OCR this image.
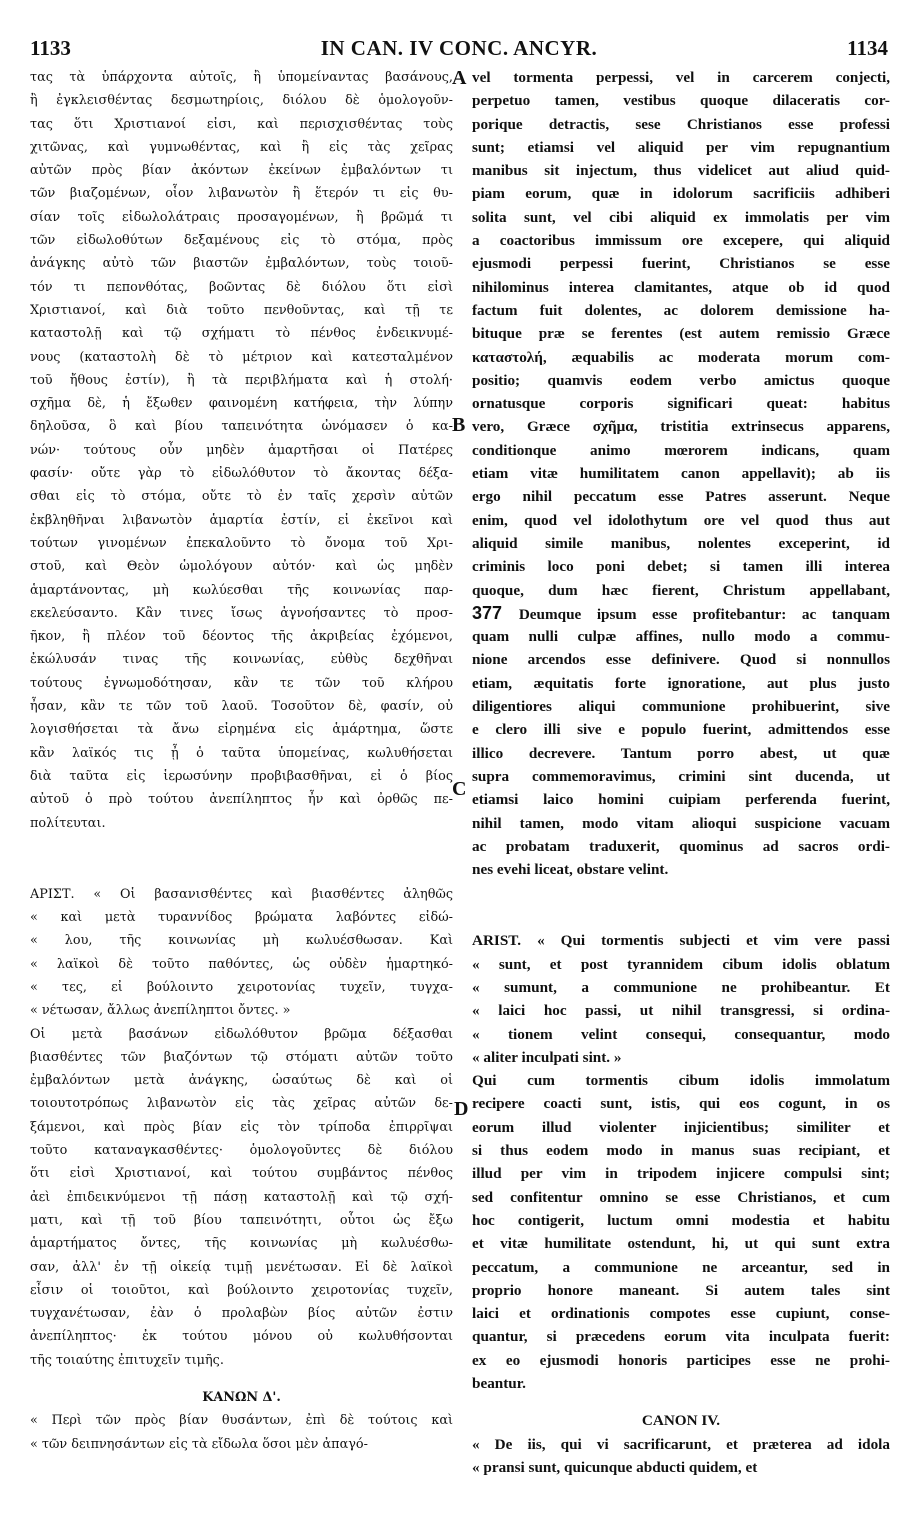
1133	IN CAN. IV CONC. ANCYR.	1134
A
B
C
D
τας τὰ ὑπάρχοντα αὐτοῖς, ἢ ὑπομείναντας βασάνους,
ἢ ἐγκλεισθέντας δεσμωτηρίοις, διόλου δὲ ὁμολογοῦν-
τας ὅτι Χριστιανοί εἰσι, καὶ περισχισθέντας τοὺς
χιτῶνας, καὶ γυμνωθέντας, καὶ ἢ εἰς τὰς χεῖρας
αὐτῶν πρὸς βίαν ἀκόντων ἐκείνων ἐμβαλόντων τι
τῶν βιαζομένων, οἷον λιβανωτὸν ἢ ἕτερόν τι εἰς θυ-
σίαν τοῖς εἰδωλολάτραις προσαγομένων, ἢ βρῶμά τι
τῶν εἰδωλοθύτων δεξαμένους εἰς τὸ στόμα, πρὸς
ἀνάγκης αὐτὸ τῶν βιαστῶν ἐμβαλόντων, τοὺς τοιοῦ-
τόν τι πεπονθότας, βοῶντας δὲ διόλου ὅτι εἰσὶ
Χριστιανοί, καὶ διὰ τοῦτο πενθοῦντας, καὶ τῇ τε
καταστολῇ καὶ τῷ σχήματι τὸ πένθος ἐνδεικνυμέ-
νους (καταστολὴ δὲ τὸ μέτριον καὶ κατεσταλμένον
τοῦ ἤθους ἐστίν), ἢ τὰ περιβλήματα καὶ ἡ στολή·
σχῆμα δὲ, ἡ ἔξωθεν φαινομένη κατήφεια, τὴν λύπην
δηλοῦσα, ὃ καὶ βίου ταπεινότητα ὠνόμασεν ὁ κα-
νών· τούτους οὖν μηδὲν ἁμαρτῆσαι οἱ Πατέρες
φασίν· οὔτε γὰρ τὸ εἰδωλόθυτον τὸ ἄκοντας δέξα-
σθαι εἰς τὸ στόμα, οὔτε τὸ ἐν ταῖς χερσὶν αὐτῶν
ἐκβληθῆναι λιβανωτὸν ἁμαρτία ἐστίν, εἰ ἐκεῖνοι καὶ
τούτων γινομένων ἐπεκαλοῦντο τὸ ὄνομα τοῦ Χρι-
στοῦ, καὶ Θεὸν ὡμολόγουν αὐτόν· καὶ ὡς μηδὲν
ἁμαρτάνοντας, μὴ κωλύεσθαι τῆς κοινωνίας παρ-
εκελεύσαντο. Κἂν τινες ἴσως ἀγνοήσαντες τὸ προσ-
ῆκον, ἢ πλέον τοῦ δέοντος τῆς ἀκριβείας ἐχόμενοι,
ἐκώλυσάν τινας τῆς κοινωνίας, εὐθὺς δεχθῆναι
τούτους ἐγνωμοδότησαν, κἂν τε τῶν τοῦ κλήρου
ἦσαν, κἂν τε τῶν τοῦ λαοῦ. Τοσοῦτον δὲ, φασίν, οὐ
λογισθήσεται τὰ ἄνω εἰρημένα εἰς ἁμάρτημα, ὥστε
κἂν λαϊκός τις ᾖ ὁ ταῦτα ὑπομείνας, κωλυθήσεται
διὰ ταῦτα εἰς ἱερωσύνην προβιβασθῆναι, εἰ ὁ βίος
αὐτοῦ ὁ πρὸ τούτου ἀνεπίληπτος ἦν καὶ ὀρθῶς πε-
πολίτευται.
ΑΡΙΣΤ. « Οἱ βασανισθέντες καὶ βιασθέντες ἀληθῶς
« καὶ μετὰ τυραννίδος βρώματα λαβόντες εἰδώ-
« λου, τῆς κοινωνίας μὴ κωλυέσθωσαν. Καὶ
« λαϊκοὶ δὲ τοῦτο παθόντες, ὡς οὐδὲν ἡμαρτηκό-
« τες, εἰ βούλοιντο χειροτονίας τυχεῖν, τυγχα-
« νέτωσαν, ἄλλως ἀνεπίληπτοι ὄντες. »
Οἱ μετὰ βασάνων εἰδωλόθυτον βρῶμα δέξασθαι
βιασθέντες τῶν βιαζόντων τῷ στόματι αὐτῶν τοῦτο
ἐμβαλόντων μετὰ ἀνάγκης, ὡσαύτως δὲ καὶ οἱ
τοιουτοτρόπως λιβανωτὸν εἰς τὰς χεῖρας αὐτῶν δε-
ξάμενοι, καὶ πρὸς βίαν εἰς τὸν τρίποδα ἐπιρρῖψαι
τοῦτο καταναγκασθέντες· ὁμολογοῦντες δὲ διόλου
ὅτι εἰσὶ Χριστιανοί, καὶ τούτου συμβάντος πένθος
ἀεὶ ἐπιδεικνύμενοι τῇ πάσῃ καταστολῇ καὶ τῷ σχή-
ματι, καὶ τῇ τοῦ βίου ταπεινότητι, οὗτοι ὡς ἔξω
ἁμαρτήματος ὄντες, τῆς κοινωνίας μὴ κωλυέσθω-
σαν, ἀλλ' ἐν τῇ οἰκείᾳ τιμῇ μενέτωσαν. Εἰ δὲ λαϊκοὶ
εἶσιν οἱ τοιοῦτοι, καὶ βούλοιντο χειροτονίας τυχεῖν,
τυγχανέτωσαν, ἐὰν ὁ προλαβὼν βίος αὐτῶν ἐστιν
ἀνεπίληπτος· ἐκ τούτου μόνου οὐ κωλυθήσονται
τῆς τοιαύτης ἐπιτυχεῖν τιμῆς.
ΚΑΝΩΝ Δ'.
« Περὶ τῶν πρὸς βίαν θυσάντων, ἐπὶ δὲ τούτοις καὶ
« τῶν δειπνησάντων εἰς τὰ εἴδωλα ὅσοι μὲν ἀπαγό-
vel tormenta perpessi, vel in carcerem conjecti,
perpetuo tamen, vestibus quoque dilaceratis cor-
porique detractis, sese Christianos esse professi
sunt; etiamsi vel aliquid per vim repugnantium
manibus sit injectum, thus videlicet aut aliud quid-
piam eorum, quæ in idolorum sacrificiis adhiberi
solita sunt, vel cibi aliquid ex immolatis per vim
a coactoribus immissum ore excepere, qui aliquid
ejusmodi perpessi fuerint, Christianos se esse
nihilominus interea clamitantes, atque ob id quod
factum fuit dolentes, ac dolorem demissione ha-
bituque præ se ferentes (est autem remissio Græce
καταστολή, æquabilis ac moderata morum com-
positio; quamvis eodem verbo amictus quoque
ornatusque corporis significari queat: habitus
vero, Græce σχῆμα, tristitia extrinsecus apparens,
conditionque animo mœrorem indicans, quam
etiam vitæ humilitatem canon appellavit); ab iis
ergo nihil peccatum esse Patres asserunt. Neque
enim, quod vel idolothytum ore vel quod thus aut
aliquid simile manibus, nolentes exceperint, id
criminis loco poni debet; si tamen illi interea
quoque, dum hæc fierent, Christum appellabant,
377 Deumque ipsum esse profitebantur: ac tanquam
quam nulli culpæ affines, nullo modo a commu-
nione arcendos esse definivere. Quod si nonnullos
etiam, æquitatis forte ignoratione, aut plus justo
diligentiores aliqui communione prohibuerint, sive
e clero illi sive e populo fuerint, admittendos esse
illico decrevere. Tantum porro abest, ut quæ
supra commemoravimus, crimini sint ducenda, ut
etiamsi laico homini cuipiam perferenda fuerint,
nihil tamen, modo vitam alioqui suspicione vacuam
ac probatam traduxerit, quominus ad sacros ordi-
nes evehi liceat, obstare velint.
ARIST. « Qui tormentis subjecti et vim vere passi
« sunt, et post tyrannidem cibum idolis oblatum
« sumunt, a communione ne prohibeantur. Et
« laici hoc passi, ut nihil transgressi, si ordina-
« tionem velint consequi, consequantur, modo
« aliter inculpati sint. »
Qui cum tormentis cibum idolis immolatum
recipere coacti sunt, istis, qui eos cogunt, in os
eorum illud violenter injicientibus; similiter et
si thus eodem modo in manus suas recipiant, et
illud per vim in tripodem injicere compulsi sint;
sed confitentur omnino se esse Christianos, et cum
hoc contigerit, luctum omni modestia et habitu
et vitæ humilitate ostendunt, hi, ut qui sunt extra
peccatum, a communione ne arceantur, sed in
proprio honore maneant. Si autem tales sint
laici et ordinationis compotes esse cupiunt, conse-
quantur, si præcedens eorum vita inculpata fuerit:
ex eo ejusmodi honoris participes esse ne prohi-
beantur.
CANON IV.
« De iis, qui vi sacrificarunt, et præterea ad idola
« pransi sunt, quicunque abducti quidem, et
